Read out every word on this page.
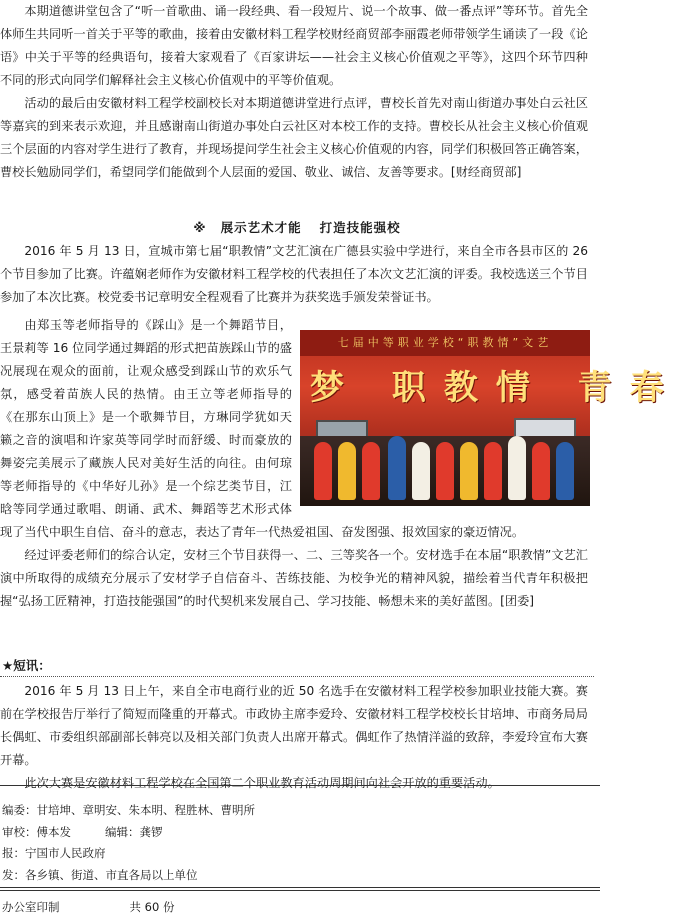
本期道德讲堂包含了“听一首歌曲、诵一段经典、看一段短片、说一个故事、做一番点评”等环节。首先全体师生共同听一首关于平等的歌曲，接着由安徽材料工程学校财经商贸部李丽霞老师带领学生诵读了一段《论语》中关于平等的经典语句，接着大家观看了《百家讲坛——社会主义核心价值观之平等》，这四个环节四种不同的形式向同学们解释社会主义核心价值观中的平等价值观。

活动的最后由安徽材料工程学校副校长对本期道德讲堂进行点评，曹校长首先对南山街道办事处白云社区等嘉宾的到来表示欢迎，并且感谢南山街道办事处白云社区对本校工作的支持。曹校长从社会主义核心价值观三个层面的内容对学生进行了教育，并现场提问学生社会主义核心价值观的内容，同学们积极回答正确答案，曹校长勉励同学们，希望同学们能做到个人层面的爱国、敬业、诚信、友善等要求。[财经商贸部]

※ 展示艺术才能 打造技能强校

2016 年 5 月 13 日，宣城市第七届“职教情”文艺汇演在广德县实验中学进行，来自全市各县市区的 26 个节目参加了比赛。许蕴娴老师作为安徽材料工程学校的代表担任了本次文艺汇演的评委。我校选送三个节目参加了本次比赛。校党委书记章明安全程观看了比赛并为获奖选手颁发荣誉证书。

七届中等职业学校“职教情”文艺
梦 职教情 青春

由郑玉等老师指导的《踩山》是一个舞蹈节目，王景莉等 16 位同学通过舞蹈的形式把苗族踩山节的盛况展现在观众的面前，让观众感受到踩山节的欢乐气氛，感受着苗族人民的热情。由王立等老师指导的《在那东山顶上》是一个歌舞节目，方琳同学犹如天籁之音的演唱和许家英等同学时而舒缓、时而豪放的舞姿完美展示了藏族人民对美好生活的向往。由何琼等老师指导的《中华好儿孙》是一个综艺类节目，江晗等同学通过歌唱、朗诵、武术、舞蹈等艺术形式体现了当代中职生自信、奋斗的意志，表达了青年一代热爱祖国、奋发图强、报效国家的豪迈情况。

经过评委老师们的综合认定，安材三个节目获得一、二、三等奖各一个。安材选手在本届“职教情”文艺汇演中所取得的成绩充分展示了安材学子自信奋斗、苦练技能、为校争光的精神风貌，描绘着当代青年积极把握“弘扬工匠精神，打造技能强国”的时代契机来发展自己、学习技能、畅想未来的美好蓝图。[团委]

★短讯：

2016 年 5 月 13 日上午，来自全市电商行业的近 50 名选手在安徽材料工程学校参加职业技能大赛。赛前在学校报告厅举行了简短而隆重的开幕式。市政协主席李爱玲、安徽材料工程学校校长甘培坤、市商务局局长偶虹、市委组织部副部长韩亮以及相关部门负责人出席开幕式。偶虹作了热情洋溢的致辞，李爱玲宣布大赛开幕。

此次大赛是安徽材料工程学校在全国第二个职业教育活动周期间向社会开放的重要活动。

编委：甘培坤、章明安、朱本明、程胜林、曹明所
审校：傅本发	编辑：龚锣
报：宁国市人民政府
发：各乡镇、街道、市直各局以上单位
办公室印制	共 60 份
